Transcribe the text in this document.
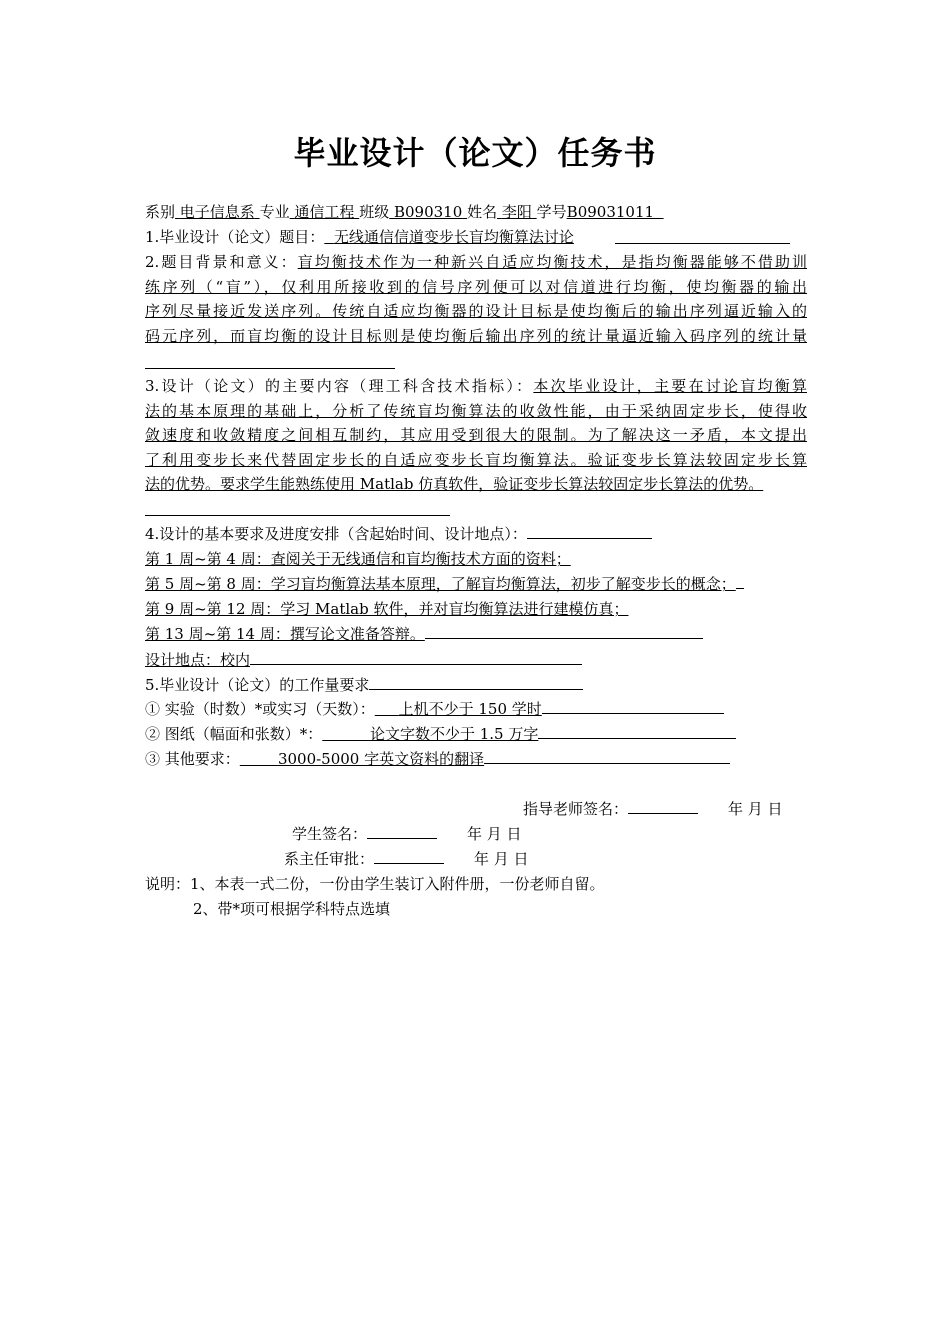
毕业设计（论文）任务书
系别 电子信息系 专业 通信工程 班级 B090310 姓名 李阳 学号B09031011
1.毕业设计（论文）题目： 无线通信信道变步长盲均衡算法讨论
2.题目背景和意义：盲均衡技术作为一种新兴自适应均衡技术，是指均衡器能够不借助训
练序列（“盲”），仅利用所接收到的信号序列便可以对信道进行均衡，使均衡器的输出
序列尽量接近发送序列。传统自适应均衡器的设计目标是使均衡后的输出序列逼近输入的
码元序列，而盲均衡的设计目标则是使均衡后输出序列的统计量逼近输入码序列的统计量
3.设计（论文）的主要内容（理工科含技术指标）：本次毕业设计，主要在讨论盲均衡算
法的基本原理的基础上，分析了传统盲均衡算法的收敛性能，由于采纳固定步长，使得收
敛速度和收敛精度之间相互制约，其应用受到很大的限制。为了解决这一矛盾，本文提出
了利用变步长来代替固定步长的自适应变步长盲均衡算法。验证变步长算法较固定步长算
法的优势。要求学生能熟练使用 Matlab 仿真软件，验证变步长算法较固定步长算法的优势。
4.设计的基本要求及进度安排（含起始时间、设计地点）：
第 1 周~第 4 周：查阅关于无线通信和盲均衡技术方面的资料；
第 5 周~第 8 周：学习盲均衡算法基本原理，了解盲均衡算法，初步了解变步长的概念；
第 9 周~第 12 周：学习 Matlab 软件，并对盲均衡算法进行建模仿真；
第 13 周~第 14 周：撰写论文准备答辩。
设计地点：校内
5.毕业设计（论文）的工作量要求
① 实验（时数）*或实习（天数）： 上机不少于 150 学时
② 图纸（幅面和张数）*：	论文字数不少于 1.5 万字
③ 其他要求：	3000-5000 字英文资料的翻译
指导老师签名：	年 月 日
学生签名：	年 月 日
系主任审批：	年 月 日
说明：1、本表一式二份，一份由学生装订入附件册，一份老师自留。
2、带*项可根据学科特点选填
